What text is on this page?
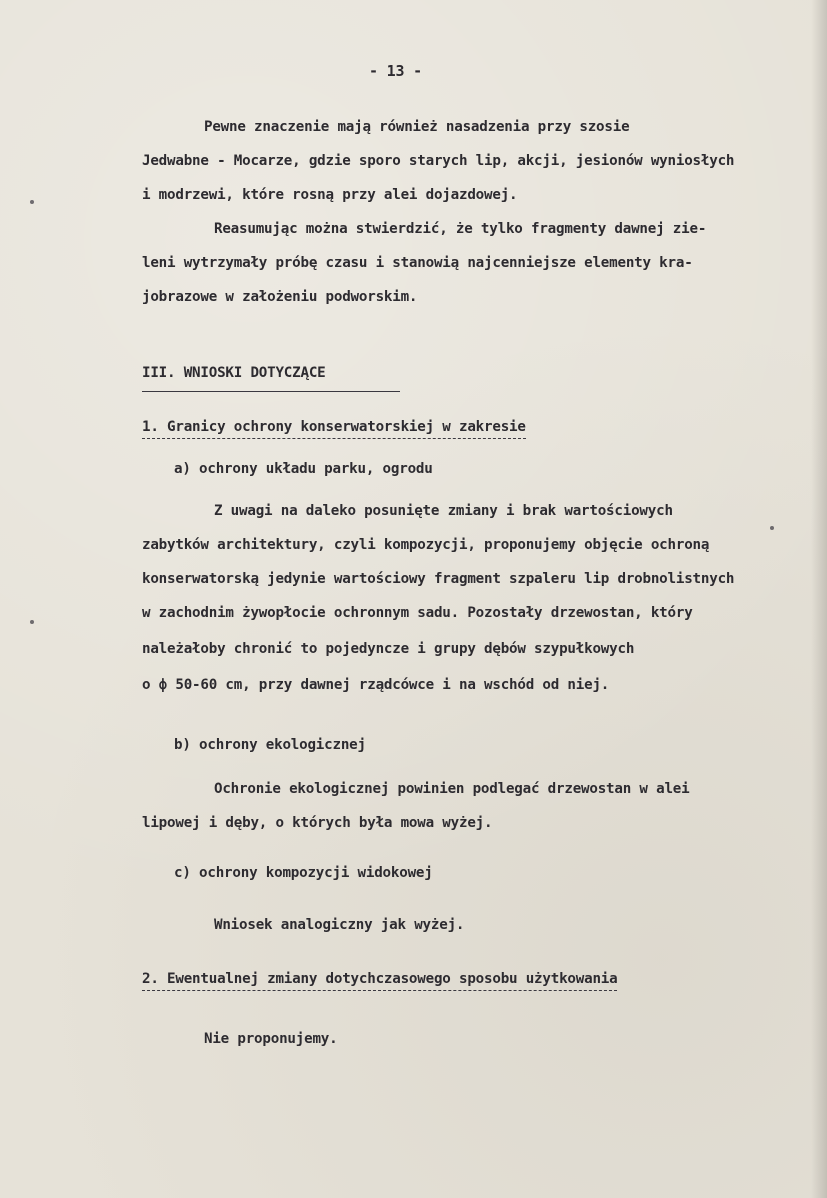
- 13 -
Pewne znaczenie mają również nasadzenia przy szosie
Jedwabne - Mocarze, gdzie sporo starych lip, akcji, jesionów wyniosłych
i modrzewi, które rosną przy alei dojazdowej.
Reasumując można stwierdzić, że tylko fragmenty dawnej zie-
leni wytrzymały próbę czasu i stanowią najcenniejsze elementy kra-
jobrazowe w założeniu podworskim.
III. WNIOSKI DOTYCZĄCE
1. Granicy ochrony konserwatorskiej w zakresie
a) ochrony układu parku, ogrodu
Z uwagi na daleko posunięte zmiany i brak wartościowych
zabytków architektury, czyli kompozycji, proponujemy objęcie ochroną
konserwatorską jedynie wartościowy fragment szpaleru lip drobnolistnych
w zachodnim żywopłocie ochronnym sadu. Pozostały drzewostan, który
należałoby chronić to pojedyncze i grupy dębów szypułkowych
o ф 50-60 cm, przy dawnej rządcówce i na wschód od niej.
b) ochrony ekologicznej
Ochronie ekologicznej powinien podlegać drzewostan w alei
lipowej i dęby, o których była mowa wyżej.
c) ochrony kompozycji widokowej
Wniosek analogiczny jak wyżej.
2. Ewentualnej zmiany dotychczasowego sposobu użytkowania
Nie proponujemy.
